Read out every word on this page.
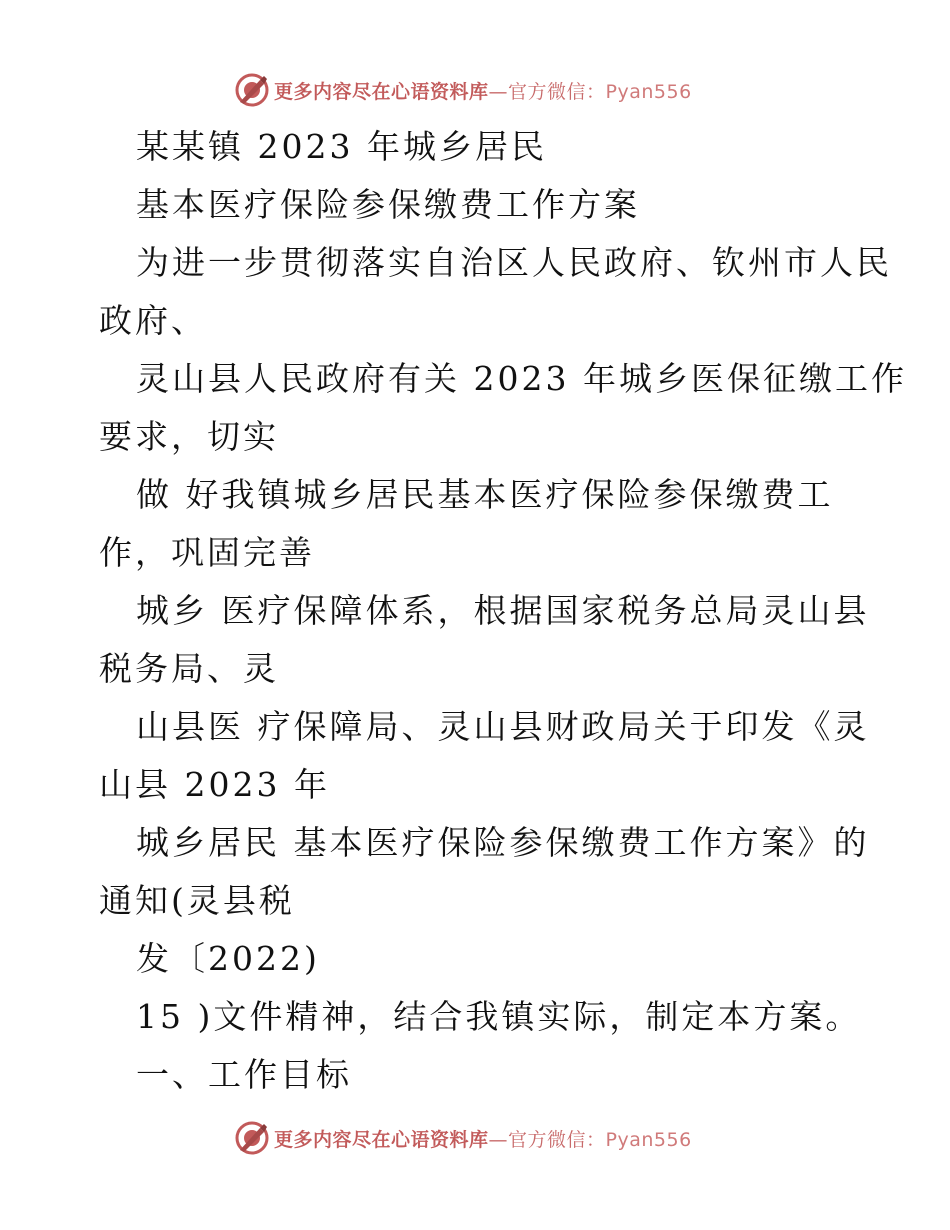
更多内容尽在心语资料库—官方微信：Pyan556
某某镇 2023 年城乡居民
基本医疗保险参保缴费工作方案
为进一步贯彻落实自治区人民政府、钦州市人民
政府、
灵山县人民政府有关 2023 年城乡医保征缴工作
要求，切实
做 好我镇城乡居民基本医疗保险参保缴费工
作，巩固完善
城乡 医疗保障体系，根据国家税务总局灵山县
税务局、灵
山县医 疗保障局、灵山县财政局关于印发《灵
山县 2023 年
城乡居民 基本医疗保险参保缴费工作方案》的
通知(灵县税
发〔2022)
15 )文件精神，结合我镇实际，制定本方案。
一、工作目标
更多内容尽在心语资料库—官方微信：Pyan556
